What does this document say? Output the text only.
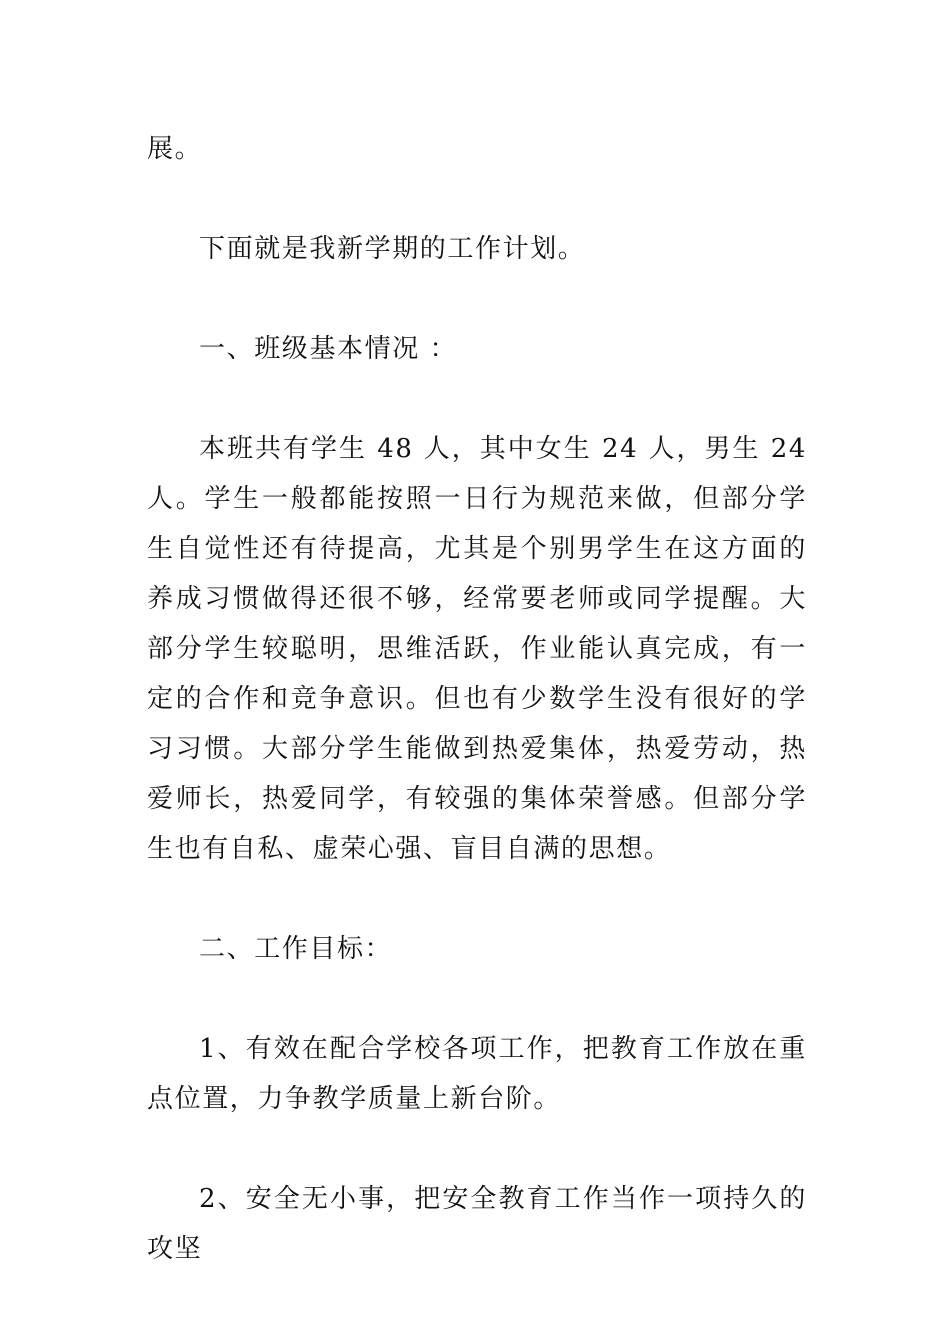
展。

下面就是我新学期的工作计划。

一、班级基本情况 ：

本班共有学生 48 人，其中女生 24 人，男生 24 人。学生一般都能按照一日行为规范来做，但部分学生自觉性还有待提高，尤其是个别男学生在这方面的养成习惯做得还很不够，经常要老师或同学提醒。大部分学生较聪明，思维活跃，作业能认真完成，有一定的合作和竞争意识。但也有少数学生没有很好的学习习惯。大部分学生能做到热爱集体，热爱劳动，热爱师长，热爱同学，有较强的集体荣誉感。但部分学生也有自私、虚荣心强、盲目自满的思想。

二、工作目标：

1、有效在配合学校各项工作，把教育工作放在重点位置，力争教学质量上新台阶。

2、安全无小事，把安全教育工作当作一项持久的攻坚
